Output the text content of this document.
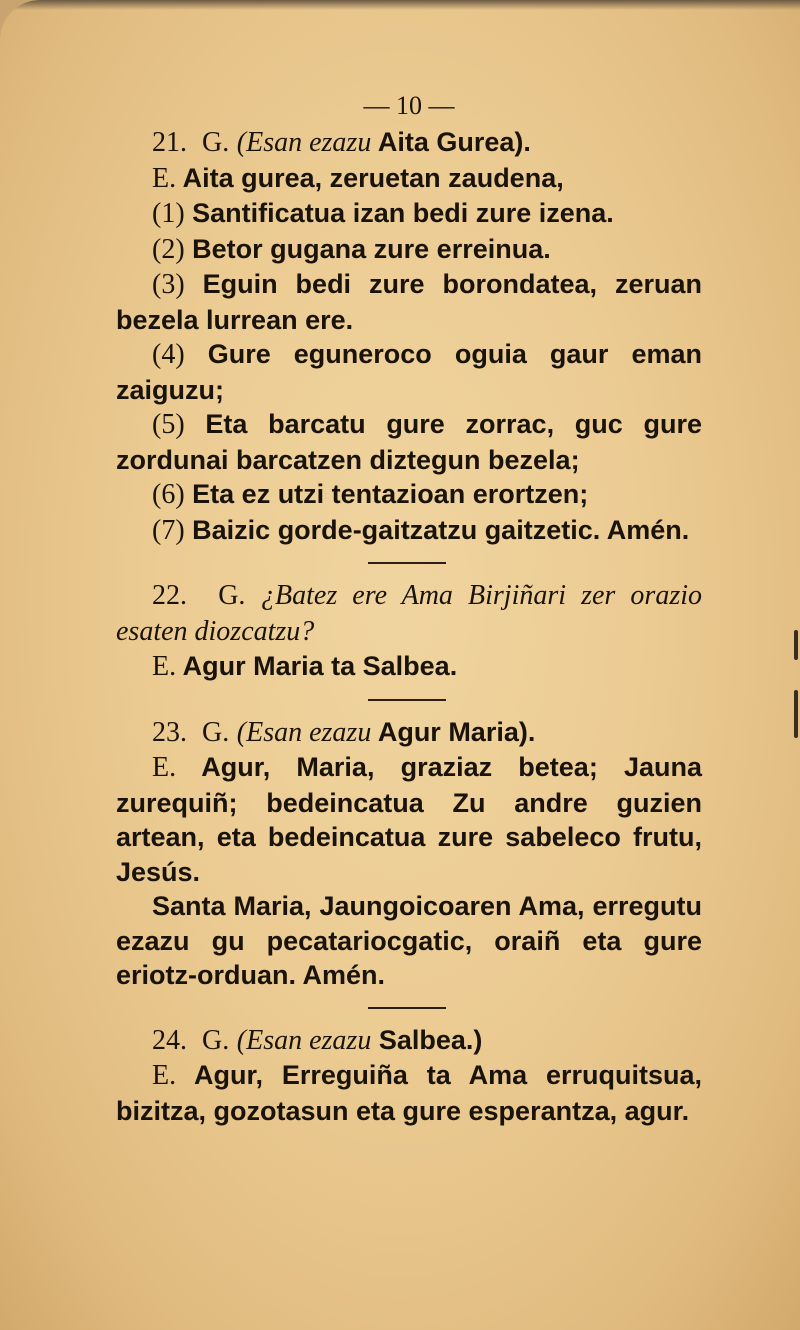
— 10 —

21. G. (Esan ezazu Aita Gurea).

E. Aita gurea, zeruetan zaudena,

(1) Santificatua izan bedi zure izena.

(2) Betor gugana zure erreinua.

(3) Eguin bedi zure borondatea, zeruan bezela lurrean ere.

(4) Gure eguneroco oguia gaur eman zaiguzu;

(5) Eta barcatu gure zorrac, guc gure zordunai barcatzen diztegun bezela;

(6) Eta ez utzi tentazioan erortzen;

(7) Baizic gorde-gaitzatzu gaitzetic. Amén.

22. G. ¿Batez ere Ama Birjiñari zer orazio esaten diozcatzu?

E. Agur Maria ta Salbea.

23. G. (Esan ezazu Agur Maria).

E. Agur, Maria, graziaz betea; Jauna zurequiñ; bedeincatua Zu andre guzien artean, eta bedeincatua zure sabeleco frutu, Jesús.

Santa Maria, Jaungoicoaren Ama, erregutu ezazu gu pecatariocgatic, oraiñ eta gure eriotz-orduan. Amén.

24. G. (Esan ezazu Salbea.)

E. Agur, Erreguiña ta Ama erruquitsua, bizitza, gozotasun eta gure esperantza, agur.
